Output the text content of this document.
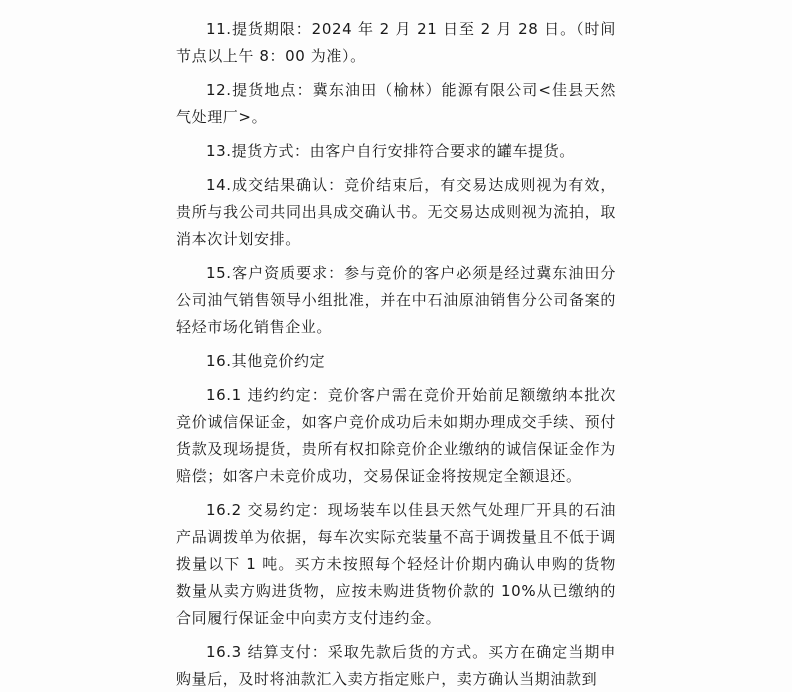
11.提货期限：2024 年 2 月 21 日至 2 月 28 日。（时间节点以上午 8：00 为准）。

12.提货地点：冀东油田（榆林）能源有限公司<佳县天然气处理厂>。

13.提货方式：由客户自行安排符合要求的罐车提货。

14.成交结果确认：竞价结束后，有交易达成则视为有效，贵所与我公司共同出具成交确认书。无交易达成则视为流拍，取消本次计划安排。

15.客户资质要求：参与竞价的客户必须是经过冀东油田分公司油气销售领导小组批准，并在中石油原油销售分公司备案的轻烃市场化销售企业。

16.其他竞价约定

16.1 违约约定：竞价客户需在竞价开始前足额缴纳本批次竞价诚信保证金，如客户竞价成功后未如期办理成交手续、预付货款及现场提货，贵所有权扣除竞价企业缴纳的诚信保证金作为赔偿；如客户未竞价成功，交易保证金将按规定全额退还。

16.2 交易约定：现场装车以佳县天然气处理厂开具的石油产品调拨单为依据，每车次实际充装量不高于调拨量且不低于调拨量以下 1 吨。买方未按照每个轻烃计价期内确认申购的货物数量从卖方购进货物，应按未购进货物价款的 10%从已缴纳的合同履行保证金中向卖方支付违约金。

16.3 结算支付：采取先款后货的方式。买方在确定当期申购量后，及时将油款汇入卖方指定账户，卖方确认当期油款到
